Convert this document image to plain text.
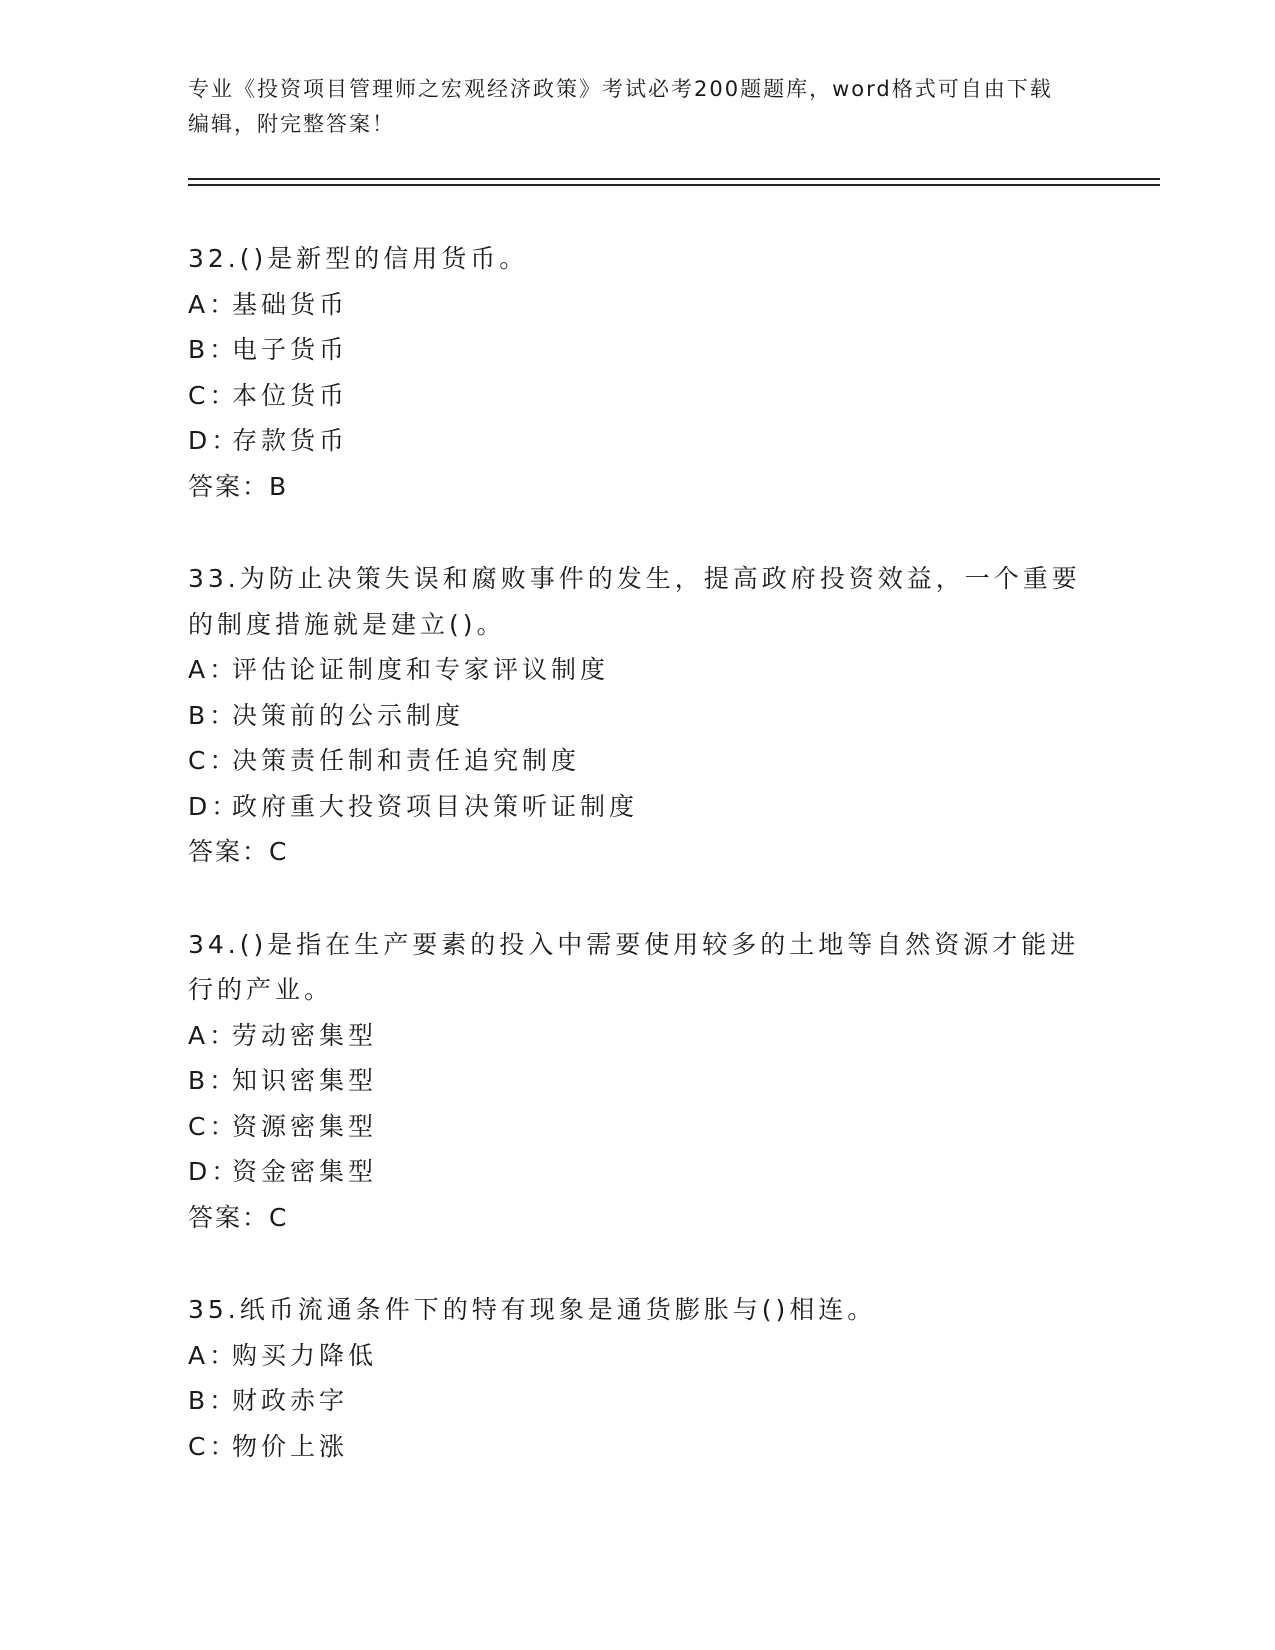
专业《投资项目管理师之宏观经济政策》考试必考200题题库，word格式可自由下载编辑，附完整答案！
32.()是新型的信用货币。
A：基础货币
B：电子货币
C：本位货币
D：存款货币
答案：B
33.为防止决策失误和腐败事件的发生，提高政府投资效益，一个重要的制度措施就是建立()。
A：评估论证制度和专家评议制度
B：决策前的公示制度
C：决策责任制和责任追究制度
D：政府重大投资项目决策听证制度
答案：C
34.()是指在生产要素的投入中需要使用较多的土地等自然资源才能进行的产业。
A：劳动密集型
B：知识密集型
C：资源密集型
D：资金密集型
答案：C
35.纸币流通条件下的特有现象是通货膨胀与()相连。
A：购买力降低
B：财政赤字
C：物价上涨
